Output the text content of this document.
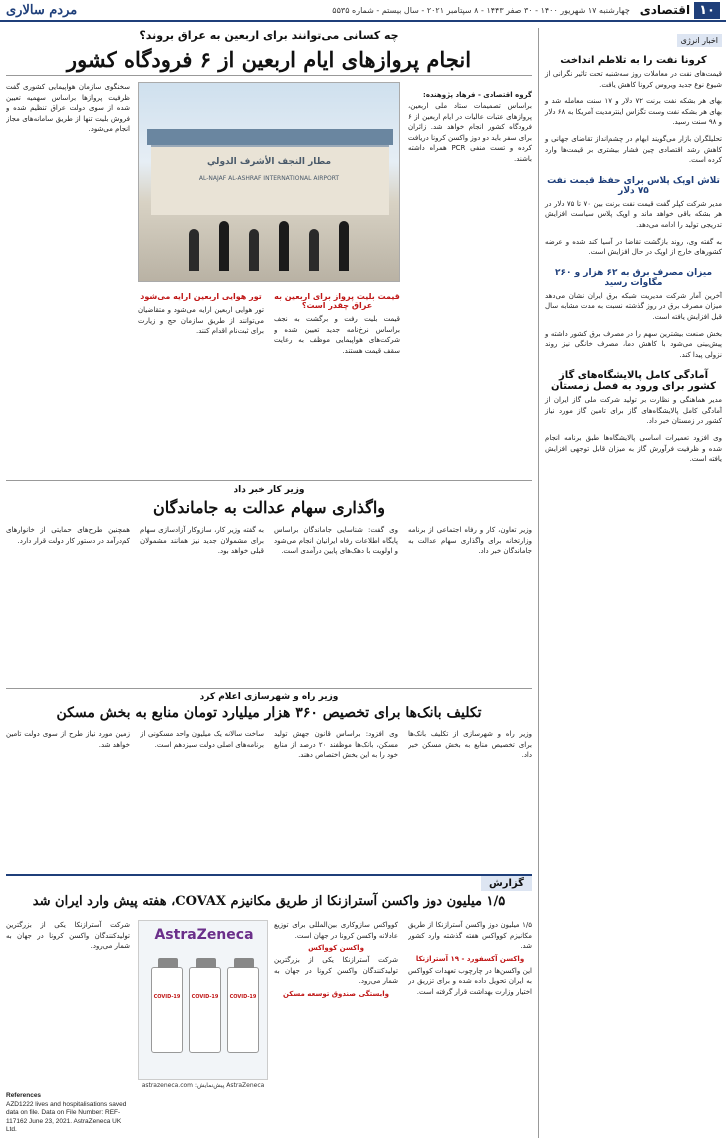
۱۰
اقتصادی
چهارشنبه ۱۷ شهریور ۱۴۰۰ - ۳۰ صفر ۱۴۴۳ - ۸ سپتامبر ۲۰۲۱ - سال بیستم - شماره ۵۵۳۵
مردم سالاری
اخبار انرژی
کرونا نفت را به تلاطم انداخت

قیمت‌های نفت در معاملات روز سه‌شنبه تحت تاثیر نگرانی از شیوع نوع جدید ویروس کرونا کاهش یافت.

بهای هر بشکه نفت برنت ۷۲ دلار و ۱۷ سنت معامله شد و بهای هر بشکه نفت وست تگزاس اینترمدیت آمریکا به ۶۸ دلار و ۹۸ سنت رسید.

تحلیلگران بازار می‌گویند ابهام در چشم‌انداز تقاضای جهانی و کاهش رشد اقتصادی چین فشار بیشتری بر قیمت‌ها وارد کرده است.

تلاش اوپک پلاس برای حفظ قیمت نفت ۷۵ دلار

مدیر شرکت کپلر گفت قیمت نفت برنت بین ۷۰ تا ۷۵ دلار در هر بشکه باقی خواهد ماند و اوپک پلاس سیاست افزایش تدریجی تولید را ادامه می‌دهد.

به گفته وی، روند بازگشت تقاضا در آسیا کند شده و عرضه کشورهای خارج از اوپک در حال افزایش است.

میزان مصرف برق به ۶۲ هزار و ۲۶۰ مگاوات رسید

آخرین آمار شرکت مدیریت شبکه برق ایران نشان می‌دهد میزان مصرف برق در روز گذشته نسبت به مدت مشابه سال قبل افزایش یافته است.

بخش صنعت بیشترین سهم را در مصرف برق کشور داشته و پیش‌بینی می‌شود با کاهش دما، مصرف خانگی نیز روند نزولی پیدا کند.

آمادگی کامل پالایشگاه‌های گاز کشور برای ورود به فصل زمستان

مدیر هماهنگی و نظارت بر تولید شرکت ملی گاز ایران از آمادگی کامل پالایشگاه‌های گاز برای تامین گاز مورد نیاز کشور در زمستان خبر داد.

وی افزود تعمیرات اساسی پالایشگاه‌ها طبق برنامه انجام شده و ظرفیت فرآورش گاز به میزان قابل توجهی افزایش یافته است.

چه کسانی می‌توانند برای اربعین به عراق بروند؟
انجام پروازهای ایام اربعین از ۶ فرودگاه کشور
گروه اقتصادی - فرهاد پژوهنده:

براساس تصمیمات ستاد ملی اربعین، پروازهای عتبات عالیات در ایام اربعین از ۶ فرودگاه کشور انجام خواهد شد. زائران برای سفر باید دو دوز واکسن کرونا دریافت کرده و تست منفی PCR همراه داشته باشند.

مطار النجف الأشرف الدولي
AL-NAJAF AL-ASHRAF INTERNATIONAL AIRPORT
قیمت بلیت پرواز برای اربعین به عراق چقدر است؟

قیمت بلیت رفت و برگشت به نجف براساس نرخ‌نامه جدید تعیین شده و شرکت‌های هواپیمایی موظف به رعایت سقف قیمت هستند.

تور هوایی اربعین ارایه می‌شود

تور هوایی اربعین ارایه می‌شود و متقاضیان می‌توانند از طریق سازمان حج و زیارت برای ثبت‌نام اقدام کنند.

سخنگوی سازمان هواپیمایی کشوری گفت ظرفیت پروازها براساس سهمیه تعیین شده از سوی دولت عراق تنظیم شده و فروش بلیت تنها از طریق سامانه‌های مجاز انجام می‌شود.

وزیر کار خبر داد
واگذاری سهام عدالت به جاماندگان

وزیر تعاون، کار و رفاه اجتماعی از برنامه وزارتخانه برای واگذاری سهام عدالت به جاماندگان خبر داد.

وی گفت: شناسایی جاماندگان براساس پایگاه اطلاعات رفاه ایرانیان انجام می‌شود و اولویت با دهک‌های پایین درآمدی است.

به گفته وزیر کار، سازوکار آزادسازی سهام برای مشمولان جدید نیز همانند مشمولان قبلی خواهد بود.

همچنین طرح‌های حمایتی از خانوارهای کم‌درآمد در دستور کار دولت قرار دارد.

وزیر راه و شهرسازی اعلام کرد
تکلیف بانک‌ها برای تخصیص ۳۶۰ هزار میلیارد تومان منابع به بخش مسکن

وزیر راه و شهرسازی از تکلیف بانک‌ها برای تخصیص منابع به بخش مسکن خبر داد.

وی افزود: براساس قانون جهش تولید مسکن، بانک‌ها موظفند ۲۰ درصد از منابع خود را به این بخش اختصاص دهند.

ساخت سالانه یک میلیون واحد مسکونی از برنامه‌های اصلی دولت سیزدهم است.

زمین مورد نیاز طرح از سوی دولت تامین خواهد شد.

گزارش
۱/۵ میلیون دوز واکسن آسترازنکا از طریق مکانیزم COVAX، هفته پیش وارد ایران شد

۱/۵ میلیون دوز واکسن آسترازنکا از طریق مکانیزم کوواکس هفته گذشته وارد کشور شد.

واکسن آکسفورد - ۱۹ آسترازنکا

این واکسن‌ها در چارچوب تعهدات کوواکس به ایران تحویل داده شده و برای تزریق در اختیار وزارت بهداشت قرار گرفته است.

کوواکس سازوکاری بین‌المللی برای توزیع عادلانه واکسن کرونا در جهان است.

واکسن کوواکس

شرکت آسترازنکا یکی از بزرگترین تولیدکنندگان واکسن کرونا در جهان به شمار می‌رود.

وابستگی صندوق توسعه مسکن
AstraZeneca
COVID-19	COVID-19	COVID-19
AstraZeneca پیش‌نمایش: astrazeneca.com

شرکت آسترازنکا یکی از بزرگترین تولیدکنندگان واکسن کرونا در جهان به شمار می‌رود.

References
AZD1222 lives and hospitalisations saved data on file. Data on File Number: REF-117162 June 23, 2021. AstraZeneca UK Ltd.
